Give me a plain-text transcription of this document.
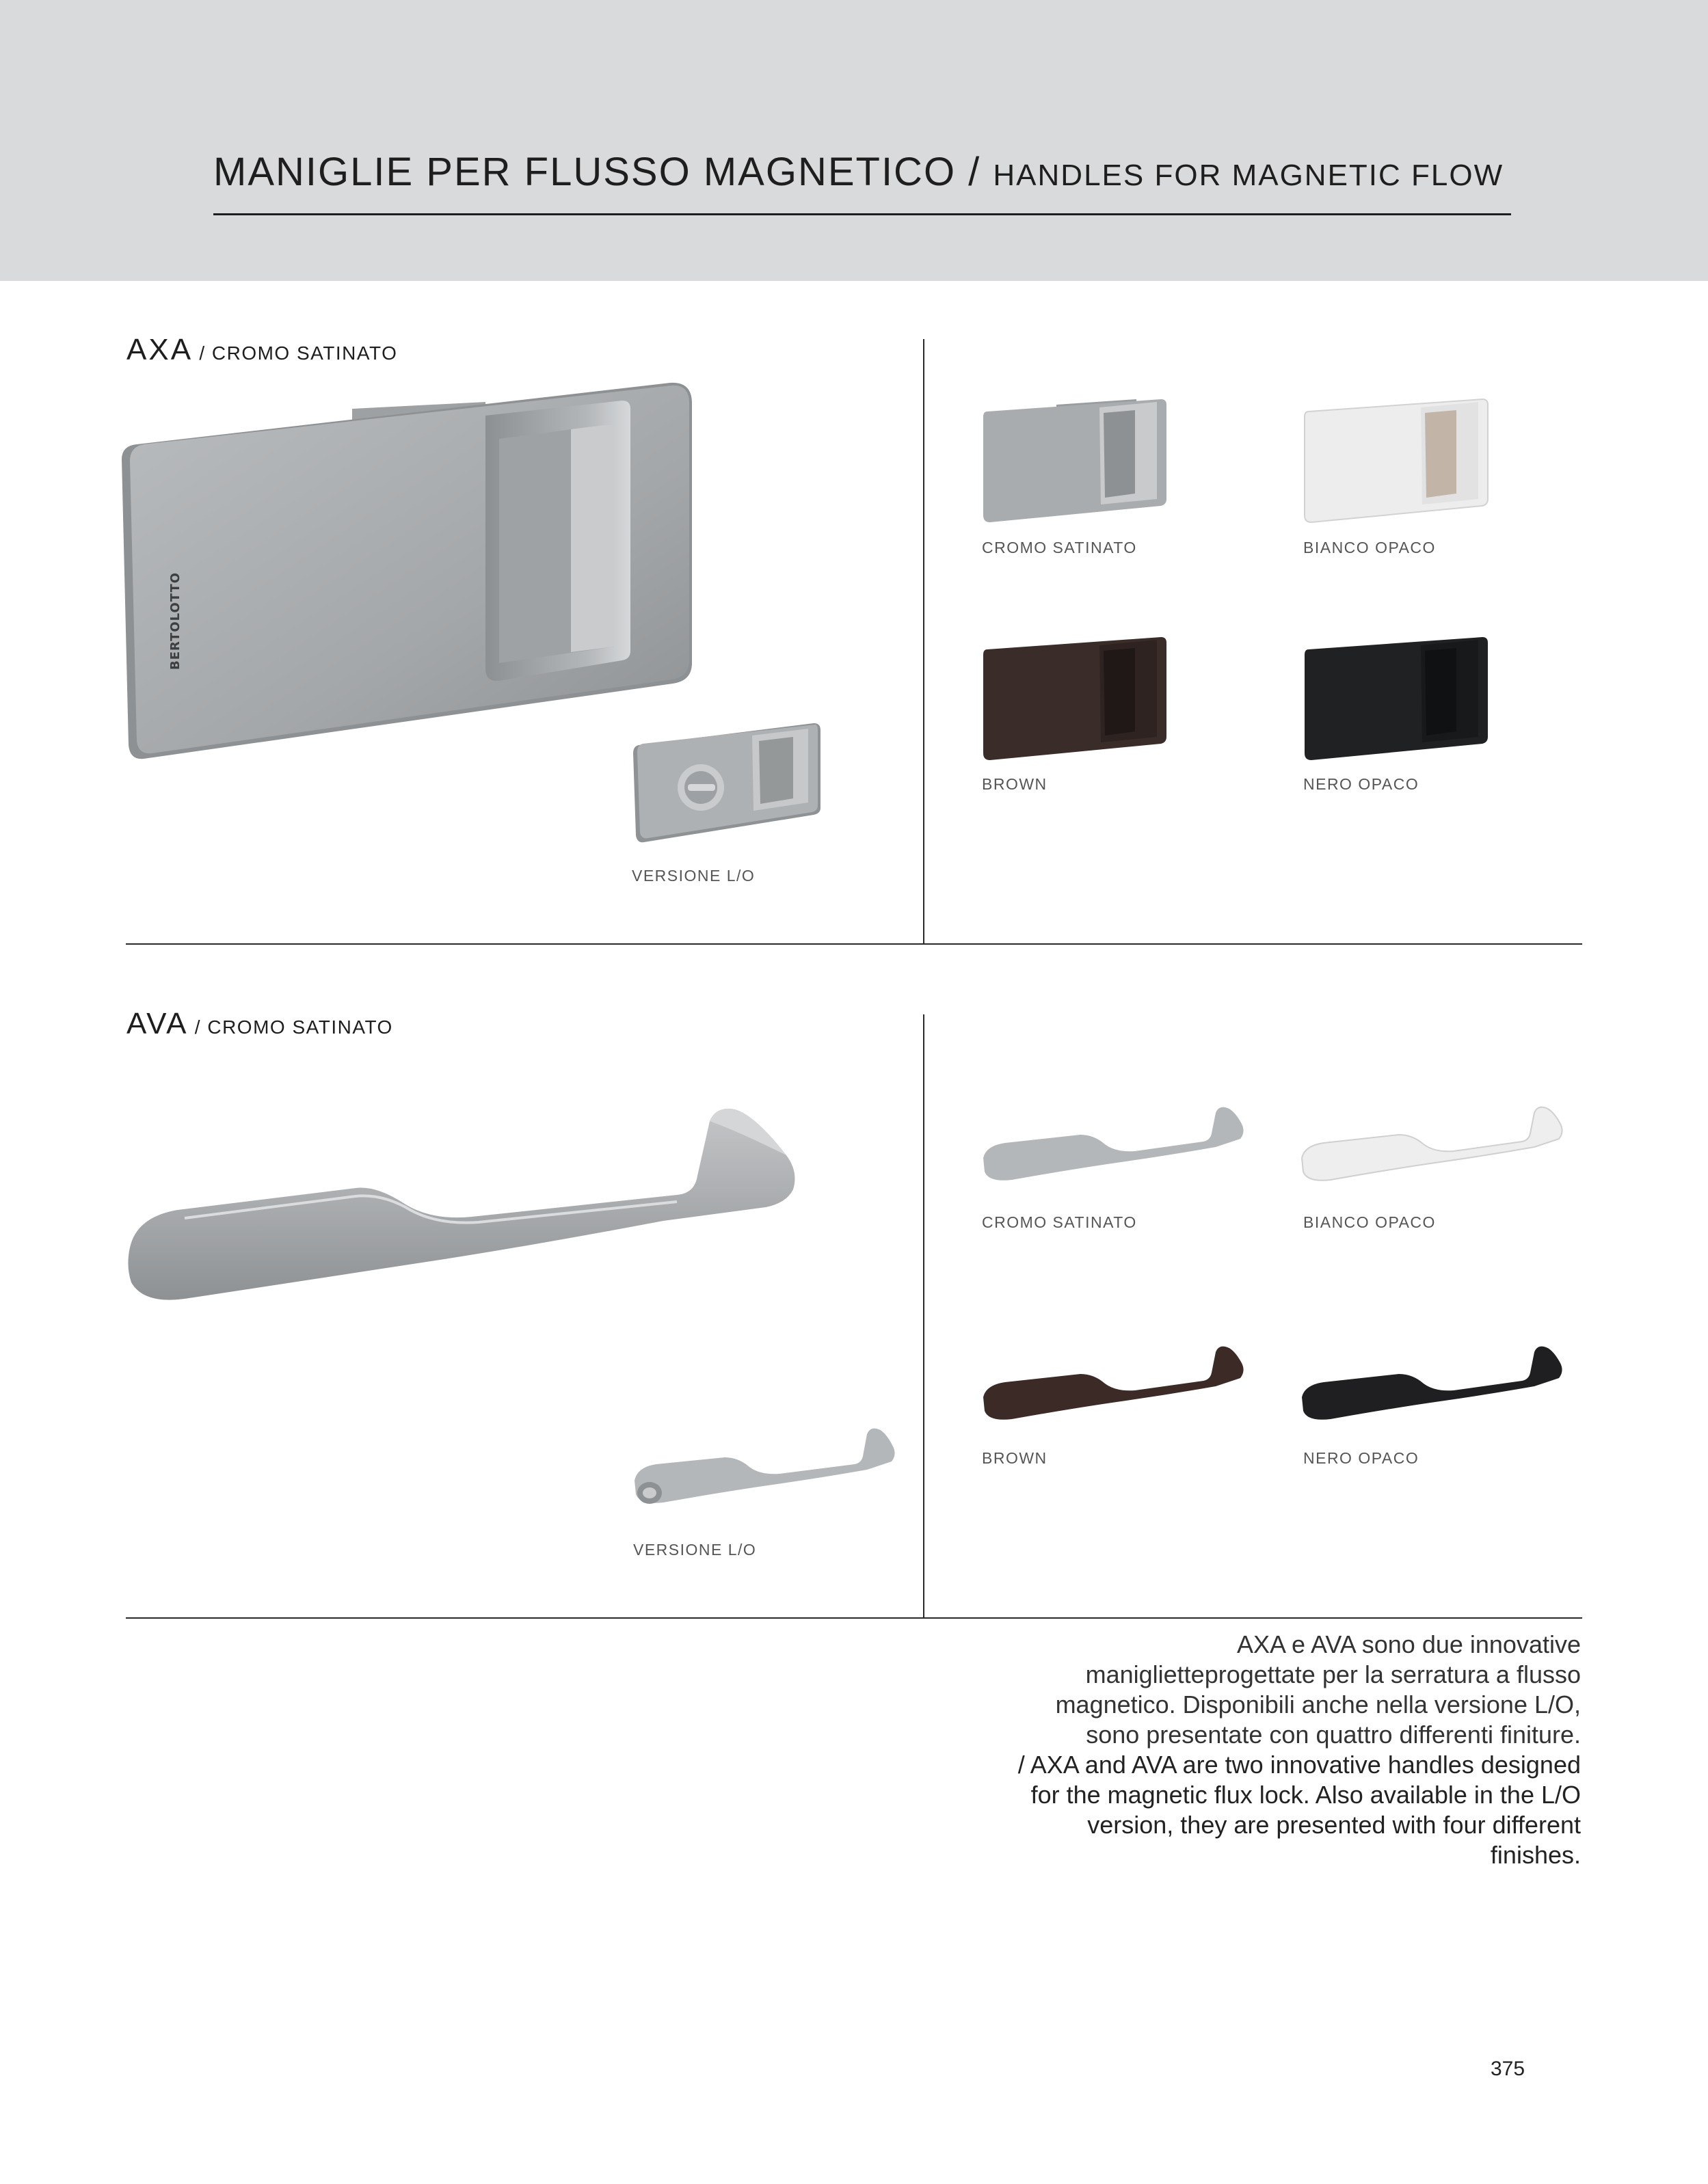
MANIGLIE PER FLUSSO MAGNETICO / HANDLES FOR MAGNETIC FLOW
AXA / CROMO SATINATO
BERTOLOTTO
VERSIONE L/O
CROMO SATINATO	BIANCO OPACO
BROWN	NERO OPACO
AVA / CROMO SATINATO
VERSIONE L/O
CROMO SATINATO	BIANCO OPACO
BROWN	NERO OPACO

AXA e AVA sono due innovative maniglietteprogettate per la serratura a flusso magnetico. Disponibili anche nella versione L/O, sono presentate con quattro differenti finiture.

/ AXA and AVA are two innovative handles designed for the magnetic flux lock. Also available in the L/O version, they are presented with four different finishes.

375
